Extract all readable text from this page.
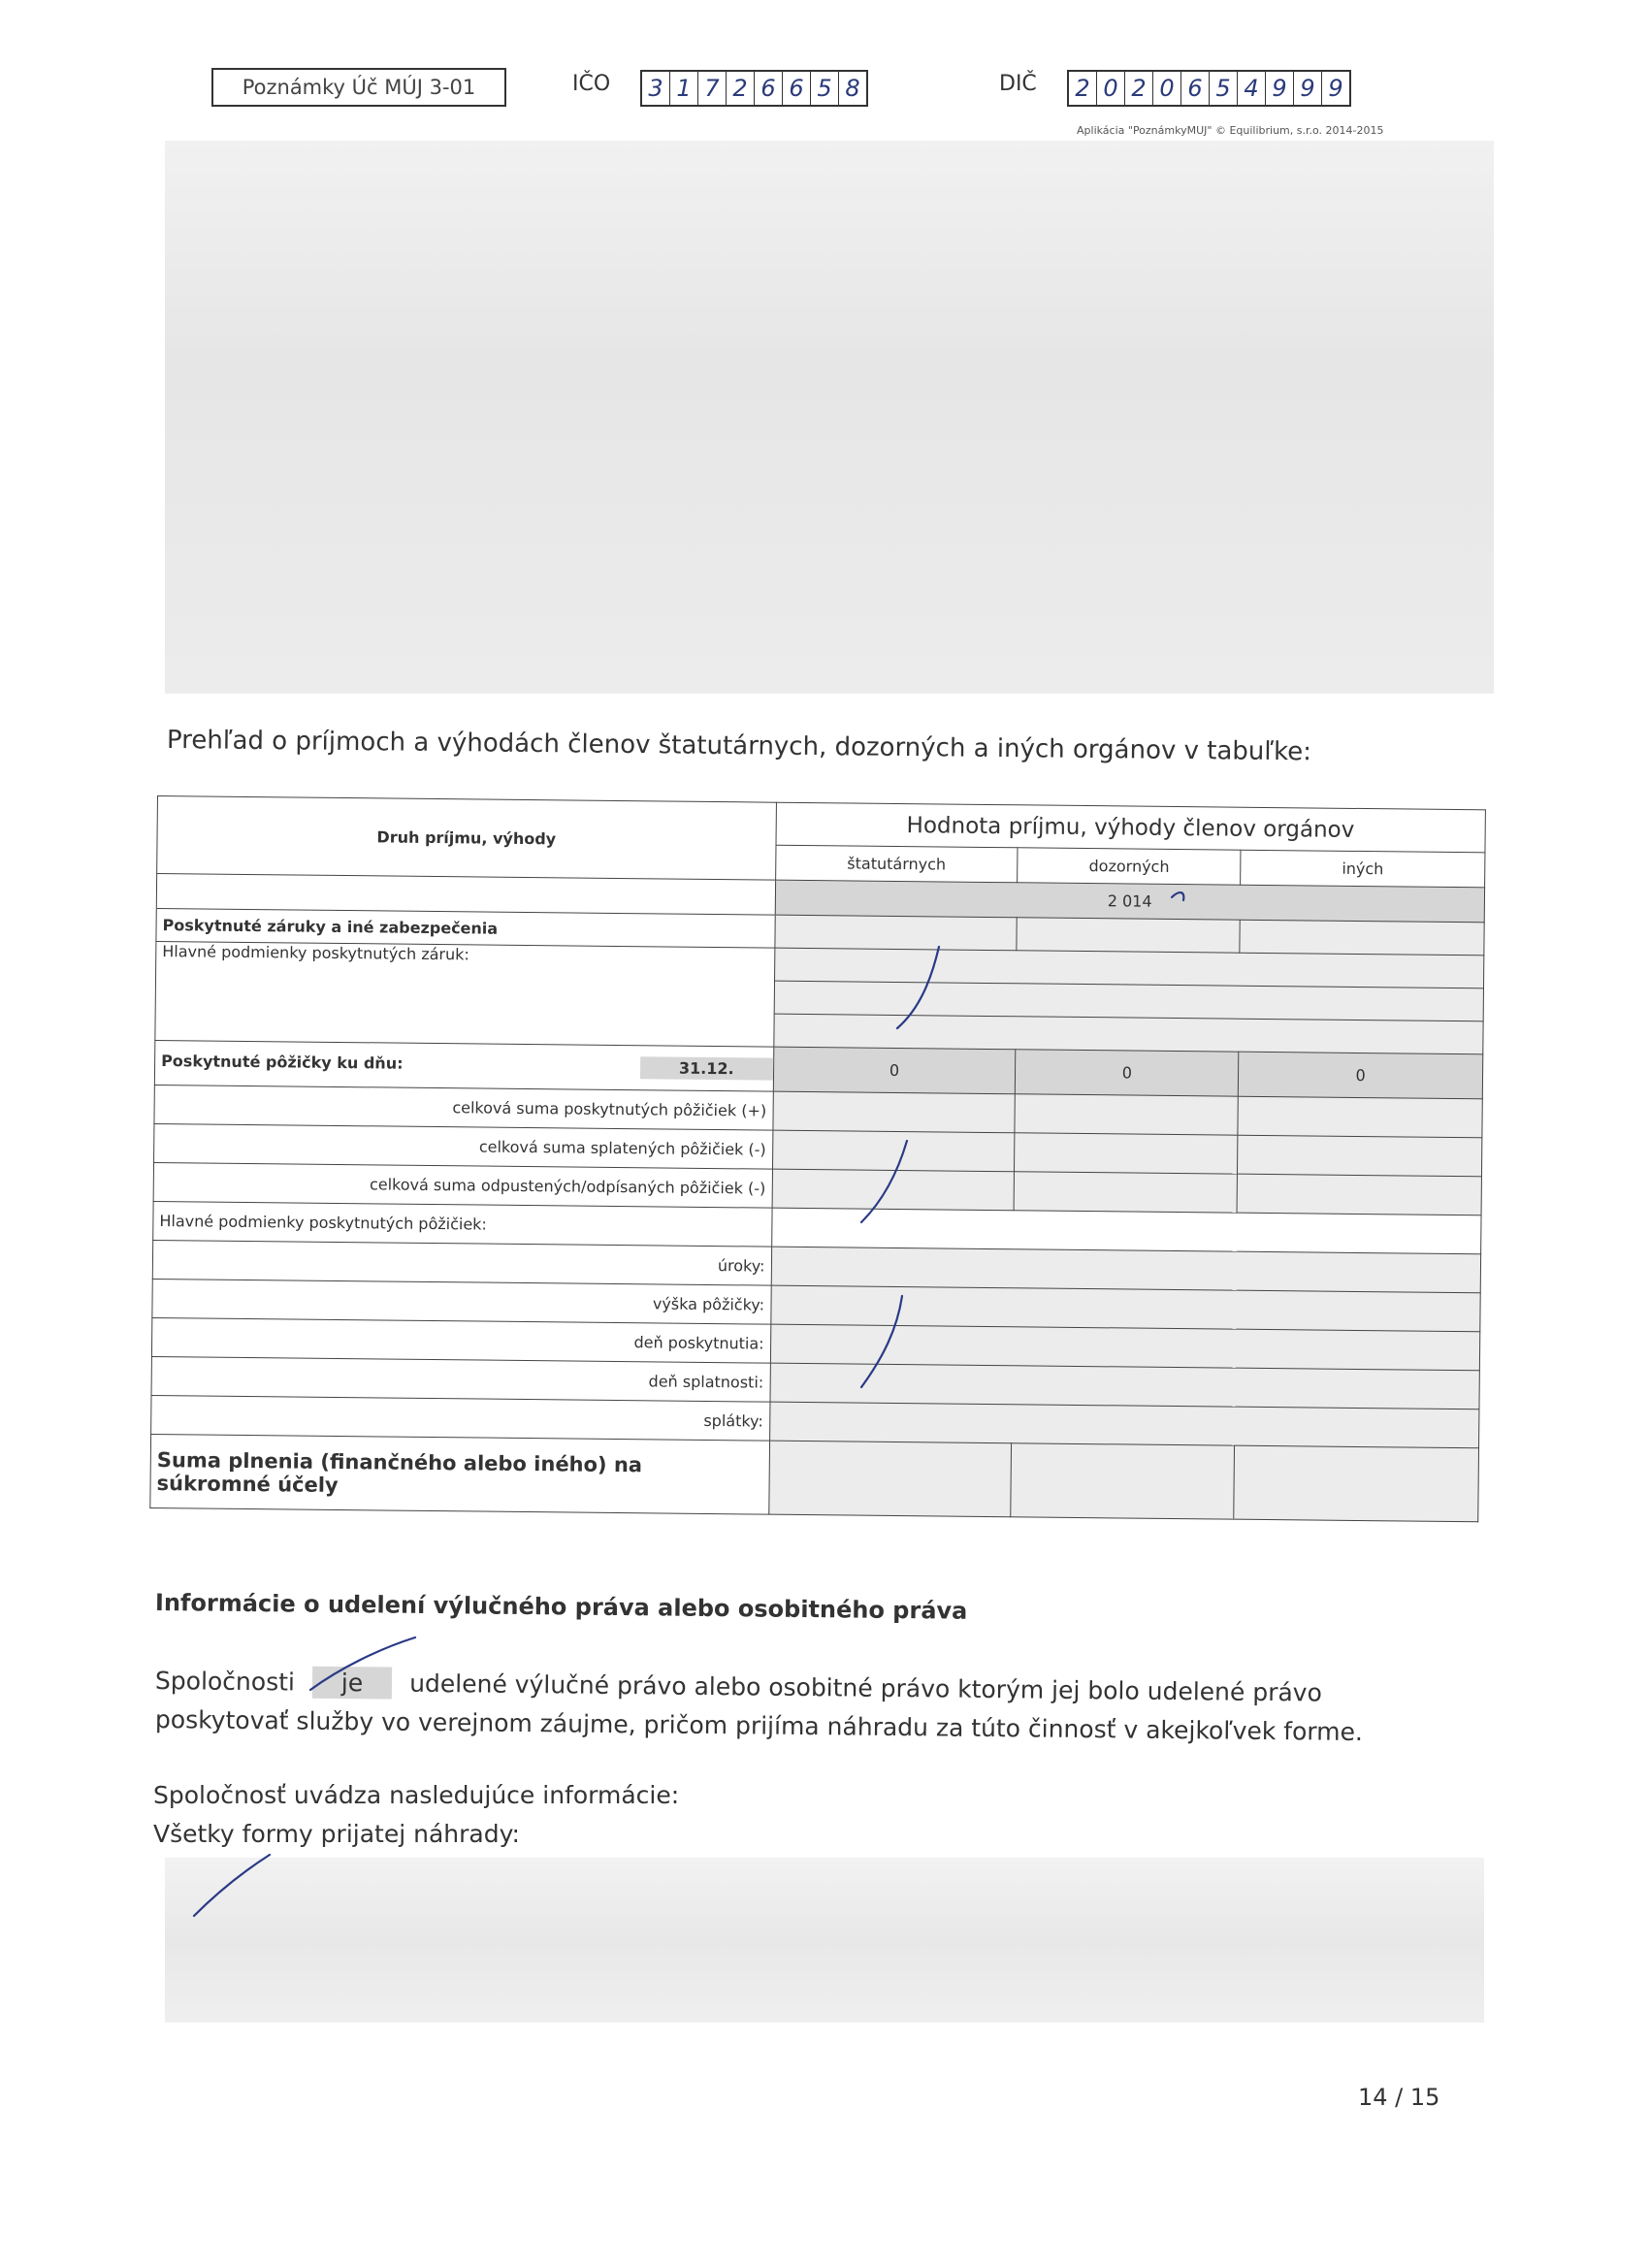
Poznámky Úč MÚJ 3-01	IČO 3 1 7 2 6 6 5 8	DIČ 2 0 2 0 6 5 4 9 9 9
Aplikácia "PoznámkyMUJ" © Equilibrium, s.r.o. 2014-2015
Prehľad o príjmoch a výhodách členov štatutárnych, dozorných a iných orgánov v tabuľke:
Druh príjmu, výhody	Hodnota príjmu, výhody členov orgánov		
	štatutárnych	dozorných	iných
	2 014		
Poskytnuté záruky a iné zabezpečenia			
Hlavné podmienky poskytnutých záruk:			

Poskytnuté pôžičky ku dňu: 31.12.	0	0	0
celková suma poskytnutých pôžičiek (+)			
celková suma splatených pôžičiek (-)			
celková suma odpustených/odpísaných pôžičiek (-)			
Hlavné podmienky poskytnutých pôžičiek:			
úroky:			
výška pôžičky:			
deň poskytnutia:			
deň splatnosti:			
splátky:			
Suma plnenia (finančného alebo iného) na súkromné účely			
Informácie o udelení výlučného práva alebo osobitného práva
Spoločnosti je udelené výlučné právo alebo osobitné právo ktorým jej bolo udelené právo
poskytovať služby vo verejnom záujme, pričom prijíma náhradu za túto činnosť v akejkoľvek forme.
Spoločnosť uvádza nasledujúce informácie:
Všetky formy prijatej náhrady:
14 / 15
